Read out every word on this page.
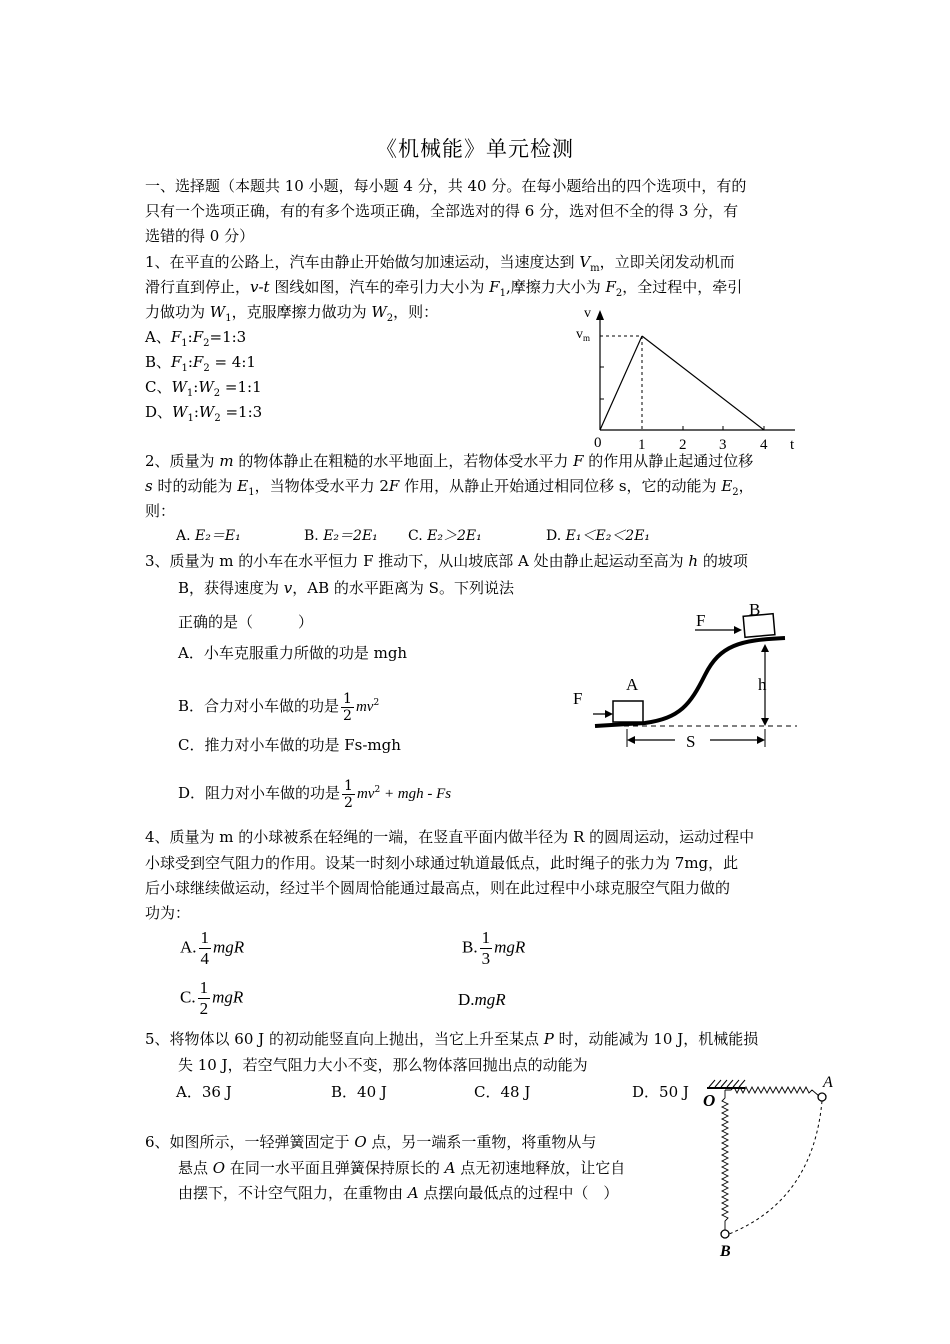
《机械能》单元检测
一、选择题（本题共 10 小题，每小题 4 分，共 40 分。在每小题给出的四个选项中，有的
只有一个选项正确，有的有多个选项正确，全部选对的得 6 分，选对但不全的得 3 分，有
选错的得 0 分）
1、在平直的公路上，汽车由静止开始做匀加速运动，当速度达到 $V_m$，立即关闭发动机而
滑行直到停止，v-t 图线如图，汽车的牵引力大小为 $F_1$,摩擦力大小为 $F_2$，全过程中，牵引
力做功为 $W_1$，克服摩擦力做功为 $W_2$，则：
A、$F_1:F_2=1:3$
B、$F_1:F_2$ = 4:1
C、$W_1:W_2$ =1:1
D、$W_1:W_2$ =1:3
v
$v_m$
0 1 2 3 4 t
2、质量为 m 的物体静止在粗糙的水平地面上，若物体受水平力 F 的作用从静止起通过位移
s 时的动能为 $E_1$，当物体受水平力 2F 作用，从静止开始通过相同位移 s，它的动能为 $E_2$，
则：
A. E₂＝E₁	B. E₂＝2E₁ C. E₂＞2E₁	D. E₁＜E₂＜2E₁
3、质量为 m 的小车在水平恒力 F 推动下，从山坡底部 A 处由静止起运动至高为 h 的坡项
B，获得速度为 v，AB 的水平距离为 S。下列说法
正确的是（　　　）
A．小车克服重力所做的功是 mgh
B．合力对小车做的功是 $\frac{1}{2} mv^2$
C．推力对小车做的功是 Fs-mgh
D．阻力对小车做的功是 $\frac{1}{2} mv^2$ + mgh - Fs
B
F
A
F
h
S
4、质量为 m 的小球被系在轻绳的一端，在竖直平面内做半径为 R 的圆周运动，运动过程中
小球受到空气阻力的作用。设某一时刻小球通过轨道最低点，此时绳子的张力为 7mg，此
后小球继续做运动，经过半个圆周恰能通过最高点，则在此过程中小球克服空气阻力做的
功为：
A. $\frac{1}{4}$ mgR	B. $\frac{1}{3}$ mgR
C. $\frac{1}{2}$ mgR	D.mgR
5、将物体以 60 J 的初动能竖直向上抛出，当它上升至某点 P 时，动能减为 10 J，机械能损
失 10 J，若空气阻力大小不变，那么物体落回抛出点的动能为
A．36 J	B．40 J	C．48 J	D．50 J
6、如图所示，一轻弹簧固定于 O 点，另一端系一重物，将重物从与
悬点 O 在同一水平面且弹簧保持原长的 A 点无初速地释放，让它自
由摆下，不计空气阻力，在重物由 A 点摆向最低点的过程中（　）
O
A
B
